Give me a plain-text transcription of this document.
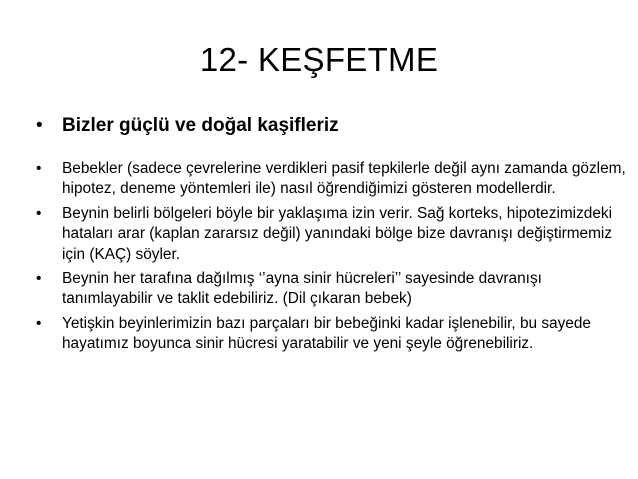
12- KEŞFETME
• Bizler güçlü ve doğal kaşifleriz
• Bebekler (sadece çevrelerine verdikleri pasif tepkilerle değil aynı zamanda gözlem, hipotez, deneme yöntemleri ile) nasıl öğrendiğimizi gösteren modellerdir.
• Beynin belirli bölgeleri böyle bir yaklaşıma izin verir. Sağ korteks, hipotezimizdeki hataları arar (kaplan zararsız değil) yanındaki bölge bize davranışı değiştirmemiz için (KAÇ) söyler.
• Beynin her tarafına dağılmış ‘’ayna sinir hücreleri’’ sayesinde davranışı tanımlayabilir ve taklit edebiliriz. (Dil çıkaran bebek)
• Yetişkin beyinlerimizin bazı parçaları bir bebeğinki kadar işlenebilir, bu sayede hayatımız boyunca sinir hücresi yaratabilir ve yeni şeyle öğrenebiliriz.
